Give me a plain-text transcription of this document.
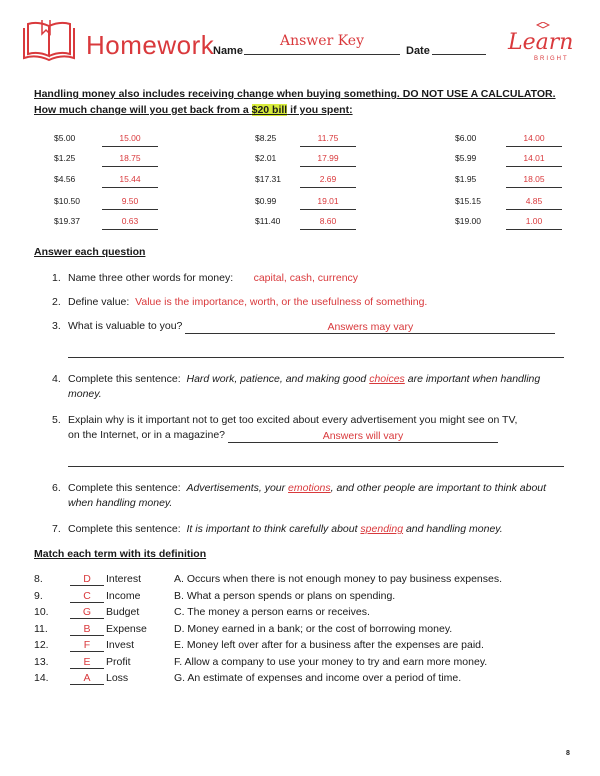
Homework
Name
Answer Key
Date	Learn
BRIGHT
Handling money also includes receiving change when buying something. DO NOT USE A CALCULATOR.
How much change will you get back from a $20 bill if you spent:
$5.00	15.00
$1.25	18.75
$4.56	15.44
$10.50	9.50
$19.37	0.63
$8.25	11.75
$2.01	17.99
$17.31	2.69
$0.99	19.01
$11.40	8.60
$6.00	14.00
$5.99	14.01
$1.95	18.05
$15.15	4.85
$19.00	1.00
Answer each question
1. Name three other words for money: capital, cash, currency
2. Define value: Value is the importance, worth, or the usefulness of something.
3. What is valuable to you?	Answers may vary
4. Complete this sentence: Hard work, patience, and making good choices are important when handling money.
5. Explain why is it important not to get too excited about every advertisement you might see on TV,
on the Internet, or in a magazine?	Answers will vary
6. Complete this sentence: Advertisements, your emotions, and other people are important to think about when handling money.
7. Complete this sentence: It is important to think carefully about spending and handling money.
Match each term with its definition
8.	D	Interest	A. Occurs when there is not enough money to pay business expenses.
9.	C	Income	B. What a person spends or plans on spending.
10.	G	Budget	C. The money a person earns or receives.
11.	B	Expense	D. Money earned in a bank; or the cost of borrowing money.
12.	F	Invest	E. Money left over after for a business after the expenses are paid.
13.	E	Profit	F. Allow a company to use your money to try and earn more money.
14.	A	Loss	G. An estimate of expenses and income over a period of time.
8
